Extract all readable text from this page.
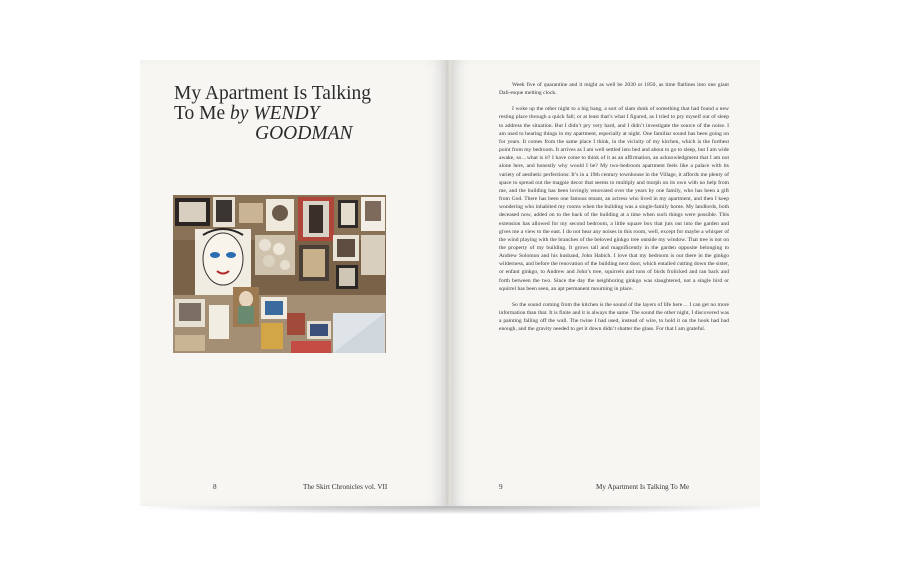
My Apartment Is Talking
To Me by WENDY
GOODMAN
8	The Skirt Chronicles vol. VII

Week five of quarantine and it might as well be 2030 or 1850, as time flatlines into one giant Dali-esque melting clock.

I woke up the other night to a big bang, a sort of slam dunk of something that had found a new resting place through a quick fall; or at least that’s what I figured, as I tried to pry myself out of sleep to address the situation. But I didn’t pry very hard, and I didn’t investigate the source of the noise. I am used to hearing things in my apartment, especially at night. One familiar sound has been going on for years. It comes from the same place I think, in the vicinity of my kitchen, which is the furthest point from my bedroom. It arrives as I am well settled into bed and about to go to sleep, but I am wide awake, so…what is it? I have come to think of it as an affirmation, an acknowledgment that I am not alone here, and honestly why would I be? My two-bedroom apartment feels like a palace with its variety of aesthetic perfections: It’s in a 19th century townhouse in the Village, it affords me plenty of space to spread out the magpie decor that seems to multiply and morph on its own with no help from me, and the building has been lovingly renovated over the years by one family, who has been a gift from God. There has been one famous tenant, an actress who lived in my apartment, and then I keep wondering who inhabited my rooms when the building was a single-family home. My landlords, both deceased now, added on to the back of the building at a time when such things were possible. This extension has allowed for my second bedroom, a little square box that juts out into the garden and gives me a view to the east. I do not hear any noises in this room, well, except for maybe a whisper of the wind playing with the branches of the beloved ginkgo tree outside my window. That tree is not on the property of my building. It grows tall and magnificently in the garden opposite belonging to Andrew Solomon and his husband, John Habich. I love that my bedroom is out there in the ginkgo wilderness, and before the renovation of the building next door, which entailed cutting down the sister, or enfant ginkgo, to Andrew and John’s tree, squirrels and tons of birds frolicked and ran back and forth between the two. Since the day the neighboring ginkgo was slaughtered, not a single bird or squirrel has been seen, an apt permanent mourning in place.

So the sound coming from the kitchen is the sound of the layers of life here… I can get no more information than that. It is finite and it is always the same. The sound the other night, I discovered was a painting falling off the wall. The twine I had used, instead of wire, to hold it on the hook had had enough, and the gravity needed to get it down didn’t shatter the glass. For that I am grateful.

9	My Apartment Is Talking To Me
